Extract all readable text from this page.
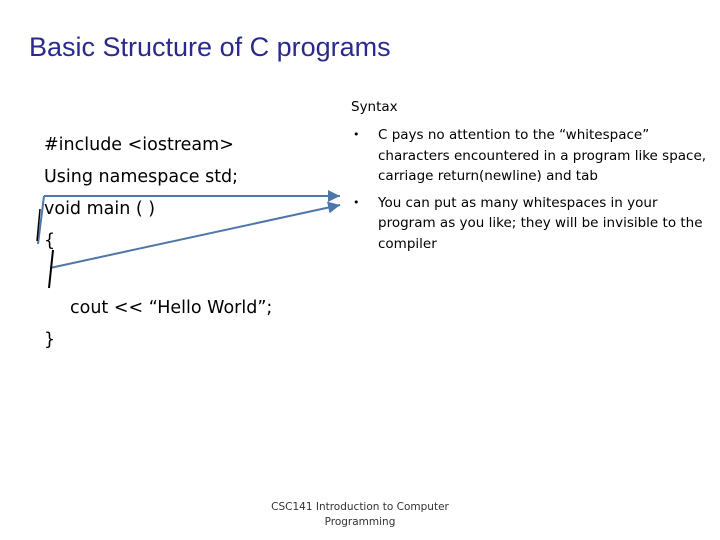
Basic Structure of C programs
#include <iostream>
Using namespace std;
void main ( )
{
cout << “Hello World”;
}
Syntax
• C pays no attention to the “whitespace” characters encountered in a program like space, carriage return(newline) and tab
• You can put as many whitespaces in your program as you like; they will be invisible to the compiler
CSC141 Introduction to Computer
Programming
